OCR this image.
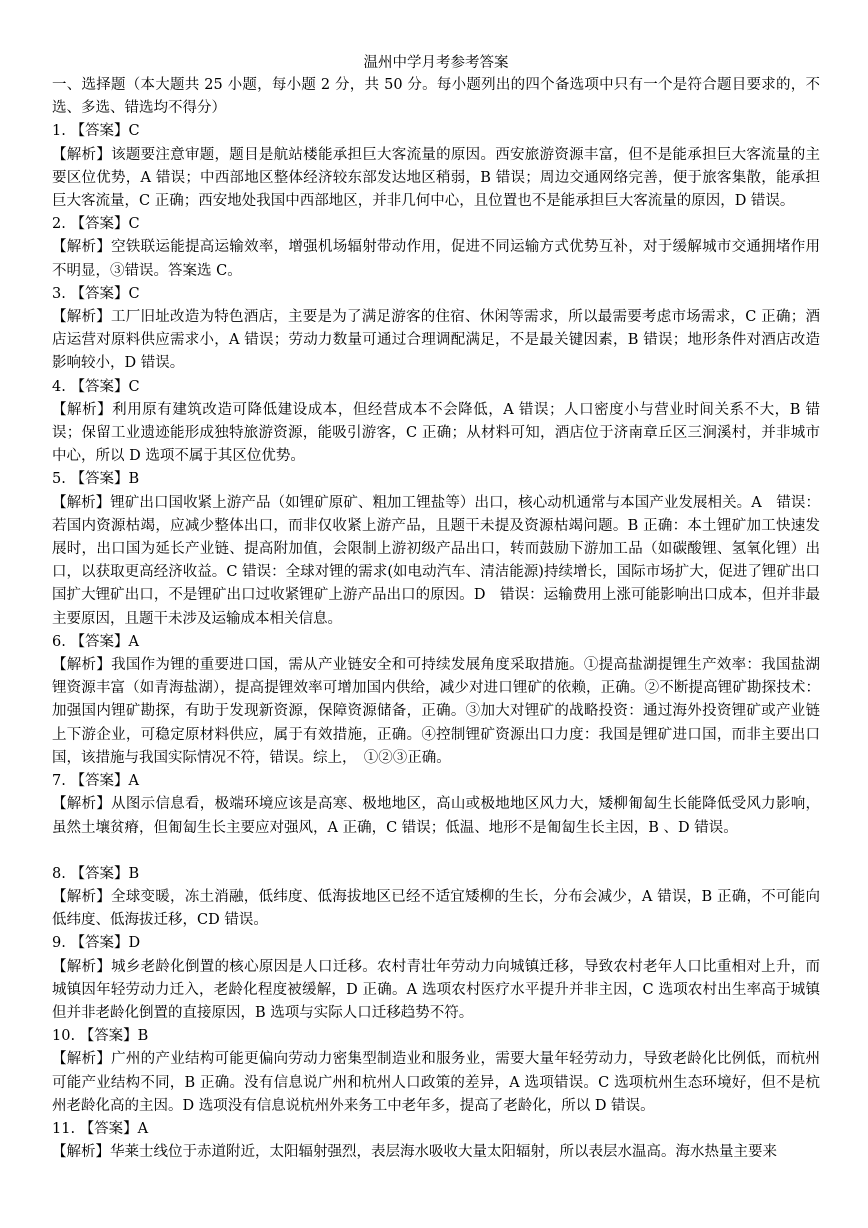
温州中学月考参考答案

一、选择题（本大题共 25 小题，每小题 2 分，共 50 分。每小题列出的四个备选项中只有一个是符合题目要求的，不选、多选、错选均不得分）

1. 【答案】C

【解析】该题要注意审题，题目是航站楼能承担巨大客流量的原因。西安旅游资源丰富，但不是能承担巨大客流量的主要区位优势，A 错误；中西部地区整体经济较东部发达地区稍弱，B 错误；周边交通网络完善，便于旅客集散，能承担巨大客流量，C 正确；西安地处我国中西部地区，并非几何中心，且位置也不是能承担巨大客流量的原因，D 错误。

2. 【答案】C

【解析】空铁联运能提高运输效率，增强机场辐射带动作用，促进不同运输方式优势互补，对于缓解城市交通拥堵作用不明显，③错误。答案选 C。

3. 【答案】C

【解析】工厂旧址改造为特色酒店，主要是为了满足游客的住宿、休闲等需求，所以最需要考虑市场需求，C 正确；酒店运营对原料供应需求小，A 错误；劳动力数量可通过合理调配满足，不是最关键因素，B 错误；地形条件对酒店改造影响较小，D 错误。

4. 【答案】C

【解析】利用原有建筑改造可降低建设成本，但经营成本不会降低，A 错误；人口密度小与营业时间关系不大，B 错误；保留工业遗迹能形成独特旅游资源，能吸引游客，C 正确；从材料可知，酒店位于济南章丘区三涧溪村，并非城市中心，所以 D 选项不属于其区位优势。

5. 【答案】B

【解析】锂矿出口国收紧上游产品（如锂矿原矿、粗加工锂盐等）出口，核心动机通常与本国产业发展相关。A　错误：若国内资源枯竭，应减少整体出口，而非仅收紧上游产品，且题干未提及资源枯竭问题。B 正确：本土锂矿加工快速发展时，出口国为延长产业链、提高附加值，会限制上游初级产品出口，转而鼓励下游加工品（如碳酸锂、氢氧化锂）出口，以获取更高经济收益。C 错误：全球对锂的需求(如电动汽车、清洁能源)持续增长，国际市场扩大，促进了锂矿出口国扩大锂矿出口，不是锂矿出口过收紧锂矿上游产品出口的原因。D　错误：运输费用上涨可能影响出口成本，但并非最主要原因，且题干未涉及运输成本相关信息。

6. 【答案】A

【解析】我国作为锂的重要进口国，需从产业链安全和可持续发展角度采取措施。①提高盐湖提锂生产效率：我国盐湖锂资源丰富（如青海盐湖），提高提锂效率可增加国内供给，减少对进口锂矿的依赖，正确。②不断提高锂矿勘探技术：加强国内锂矿勘探，有助于发现新资源，保障资源储备，正确。③加大对锂矿的战略投资：通过海外投资锂矿或产业链上下游企业，可稳定原材料供应，属于有效措施，正确。④控制锂矿资源出口力度：我国是锂矿进口国，而非主要出口国，该措施与我国实际情况不符，错误。综上，　①②③正确。

7. 【答案】A

【解析】从图示信息看，极端环境应该是高寒、极地地区，高山或极地地区风力大，矮柳匍匐生长能降低受风力影响，虽然土壤贫瘠，但匍匐生长主要应对强风，A 正确，C 错误；低温、地形不是匍匐生长主因，B 、D 错误。

8. 【答案】B

【解析】全球变暖，冻土消融，低纬度、低海拔地区已经不适宜矮柳的生长，分布会减少，A 错误，B 正确，不可能向低纬度、低海拔迁移，CD 错误。

9. 【答案】D

【解析】城乡老龄化倒置的核心原因是人口迁移。农村青壮年劳动力向城镇迁移，导致农村老年人口比重相对上升，而城镇因年轻劳动力迁入，老龄化程度被缓解，D 正确。A 选项农村医疗水平提升并非主因，C 选项农村出生率高于城镇但并非老龄化倒置的直接原因，B 选项与实际人口迁移趋势不符。

10. 【答案】B

【解析】广州的产业结构可能更偏向劳动力密集型制造业和服务业，需要大量年轻劳动力，导致老龄化比例低，而杭州可能产业结构不同，B 正确。没有信息说广州和杭州人口政策的差异，A 选项错误。C 选项杭州生态环境好，但不是杭州老龄化高的主因。D 选项没有信息说杭州外来务工中老年多，提高了老龄化，所以 D 错误。

11. 【答案】A

【解析】华莱士线位于赤道附近，太阳辐射强烈，表层海水吸收大量太阳辐射，所以表层水温高。海水热量主要来
